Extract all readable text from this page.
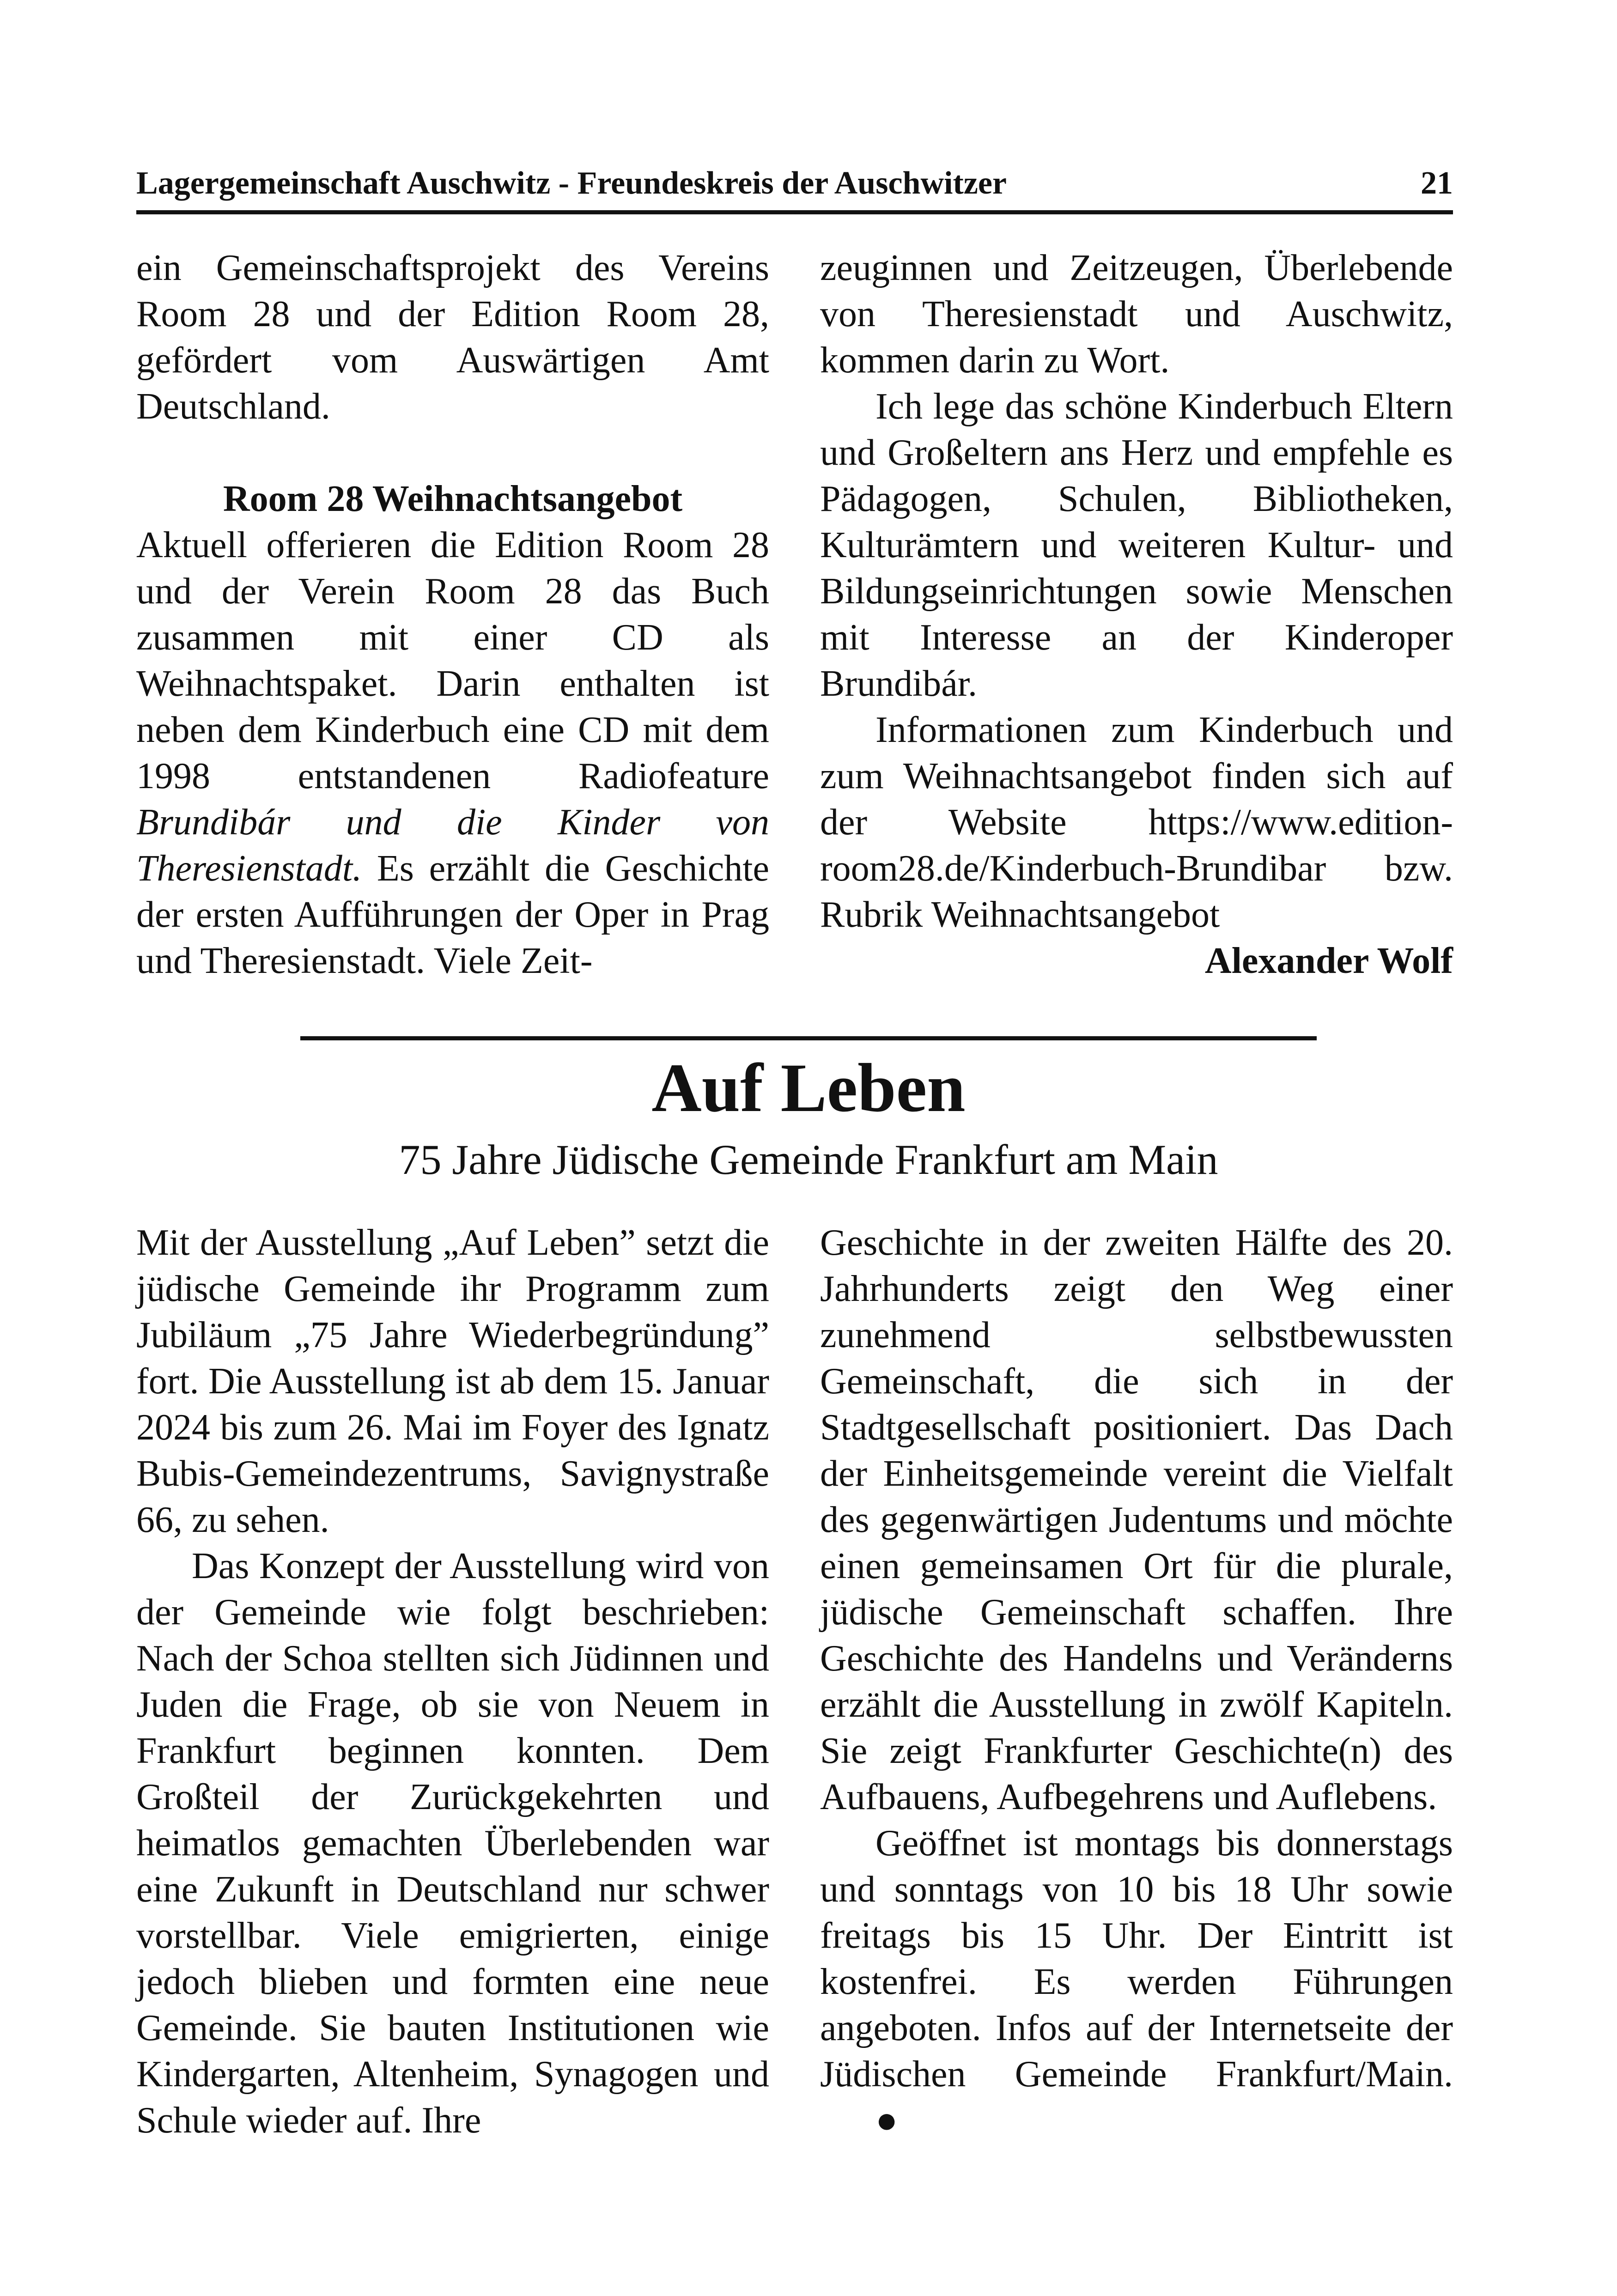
Lagergemeinschaft Auschwitz - Freundeskreis der Auschwitzer	21

ein Gemeinschaftsprojekt des Vereins Room 28 und der Edition Room 28, gefördert vom Auswärtigen Amt Deutschland.

Room 28 Weihnachtsangebot

Aktuell offerieren die Edition Room 28 und der Verein Room 28 das Buch zusammen mit einer CD als Weihnachtspaket. Darin enthalten ist neben dem Kinderbuch eine CD mit dem 1998 entstandenen Radiofeature Brundibár und die Kinder von Theresienstadt. Es erzählt die Geschichte der ersten Aufführungen der Oper in Prag und Theresienstadt. Viele Zeit-

zeuginnen und Zeitzeugen, Überlebende von Theresienstadt und Auschwitz, kommen darin zu Wort.

Ich lege das schöne Kinderbuch Eltern und Großeltern ans Herz und empfehle es Pädagogen, Schulen, Bibliotheken, Kulturämtern und weiteren Kultur- und Bildungseinrichtungen sowie Menschen mit Interesse an der Kinderoper Brundibár.

Informationen zum Kinderbuch und zum Weihnachtsangebot finden sich auf der Website https://www.edition-room28.de/Kinderbuch-Brundibar bzw. Rubrik Weihnachtsangebot

Alexander Wolf

Auf Leben
75 Jahre Jüdische Gemeinde Frankfurt am Main

Mit der Ausstellung „Auf Leben” setzt die jüdische Gemeinde ihr Programm zum Jubiläum „75 Jahre Wiederbegründung” fort. Die Ausstellung ist ab dem 15. Januar 2024 bis zum 26. Mai im Foyer des Ignatz Bubis-Gemeindezentrums, Savignystraße 66, zu sehen.

Das Konzept der Ausstellung wird von der Gemeinde wie folgt beschrieben: Nach der Schoa stellten sich Jüdinnen und Juden die Frage, ob sie von Neuem in Frankfurt beginnen konnten. Dem Großteil der Zurückgekehrten und heimatlos gemachten Überlebenden war eine Zukunft in Deutschland nur schwer vorstellbar. Viele emigrierten, einige jedoch blieben und formten eine neue Gemeinde. Sie bauten Institutionen wie Kindergarten, Altenheim, Synagogen und Schule wieder auf. Ihre

Geschichte in der zweiten Hälfte des 20. Jahrhunderts zeigt den Weg einer zunehmend selbstbewussten Gemeinschaft, die sich in der Stadtgesellschaft positioniert. Das Dach der Einheitsgemeinde vereint die Vielfalt des gegenwärtigen Judentums und möchte einen gemeinsamen Ort für die plurale, jüdische Gemeinschaft schaffen. Ihre Geschichte des Handelns und Veränderns erzählt die Ausstellung in zwölf Kapiteln. Sie zeigt Frankfurter Geschichte(n) des Aufbauens, Aufbegehrens und Auflebens.

Geöffnet ist montags bis donnerstags und sonntags von 10 bis 18 Uhr sowie freitags bis 15 Uhr. Der Eintritt ist kostenfrei. Es werden Führungen angeboten. Infos auf der Internetseite der Jüdischen Gemeinde Frankfurt/Main. ●
